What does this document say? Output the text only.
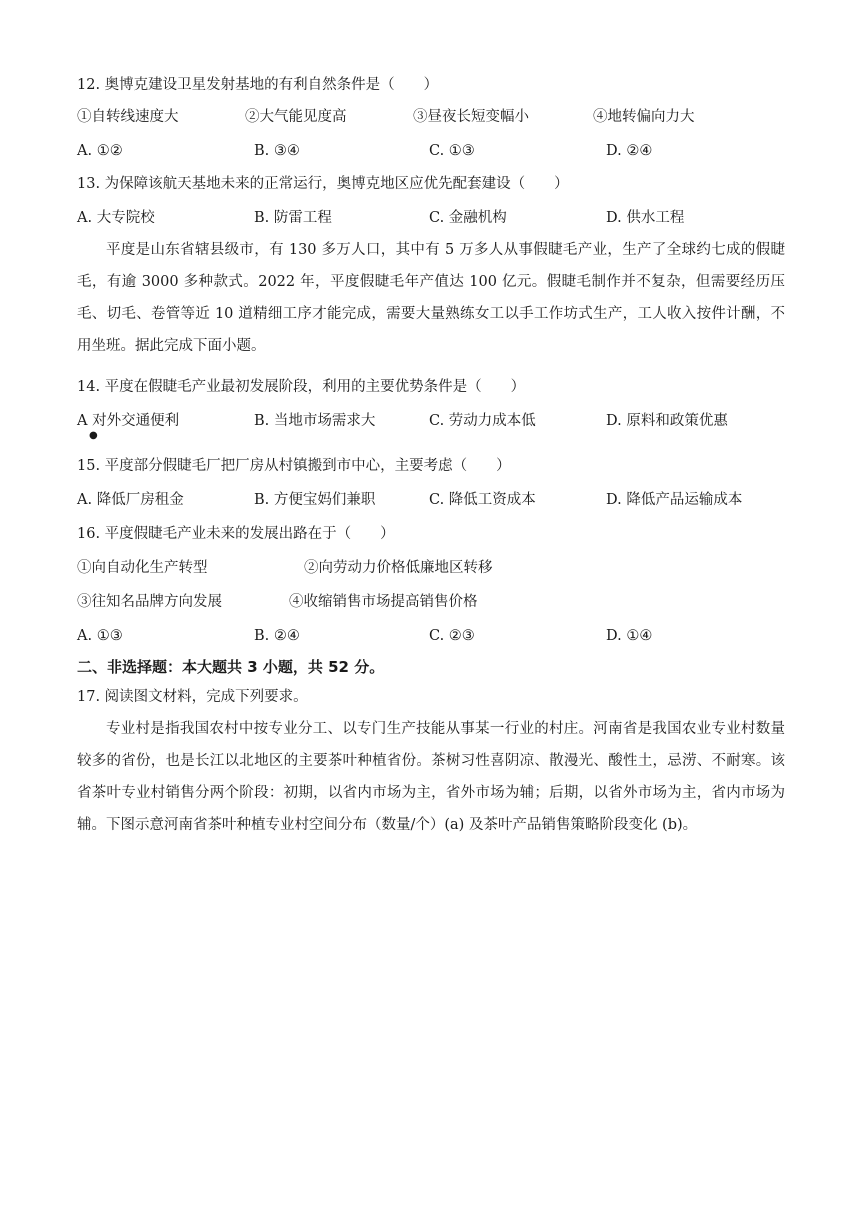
12. 奥博克建设卫星发射基地的有利自然条件是（　　）
①自转线速度大	②大气能见度高	③昼夜长短变幅小	④地转偏向力大
A. ①②	B. ③④	C. ①③	D. ②④
13. 为保障该航天基地未来的正常运行，奥博克地区应优先配套建设（　　）
A. 大专院校	B. 防雷工程	C. 金融机构	D. 供水工程
平度是山东省辖县级市，有 130 多万人口，其中有 5 万多人从事假睫毛产业，生产了全球约七成的假睫毛，有逾 3000 多种款式。2022 年，平度假睫毛年产值达 100 亿元。假睫毛制作并不复杂，但需要经历压毛、切毛、卷管等近 10 道精细工序才能完成，需要大量熟练女工以手工作坊式生产，工人收入按件计酬，不用坐班。据此完成下面小题。
14. 平度在假睫毛产业最初发展阶段，利用的主要优势条件是（　　）
A 对外交通便利	B. 当地市场需求大	C. 劳动力成本低	D. 原料和政策优惠
●
15. 平度部分假睫毛厂把厂房从村镇搬到市中心，主要考虑（　　）
A. 降低厂房租金	B. 方便宝妈们兼职	C. 降低工资成本	D. 降低产品运输成本
16. 平度假睫毛产业未来的发展出路在于（　　）
①向自动化生产转型	②向劳动力价格低廉地区转移
③往知名品牌方向发展	④收缩销售市场提高销售价格
A. ①③	B. ②④	C. ②③	D. ①④
二、非选择题：本大题共 3 小题，共 52 分。
17. 阅读图文材料，完成下列要求。
专业村是指我国农村中按专业分工、以专门生产技能从事某一行业的村庄。河南省是我国农业专业村数量较多的省份，也是长江以北地区的主要茶叶种植省份。茶树习性喜阴凉、散漫光、酸性土，忌涝、不耐寒。该省茶叶专业村销售分两个阶段：初期，以省内市场为主，省外市场为辅；后期，以省外市场为主，省内市场为辅。下图示意河南省茶叶种植专业村空间分布（数量/个）(a) 及茶叶产品销售策略阶段变化 (b)。
